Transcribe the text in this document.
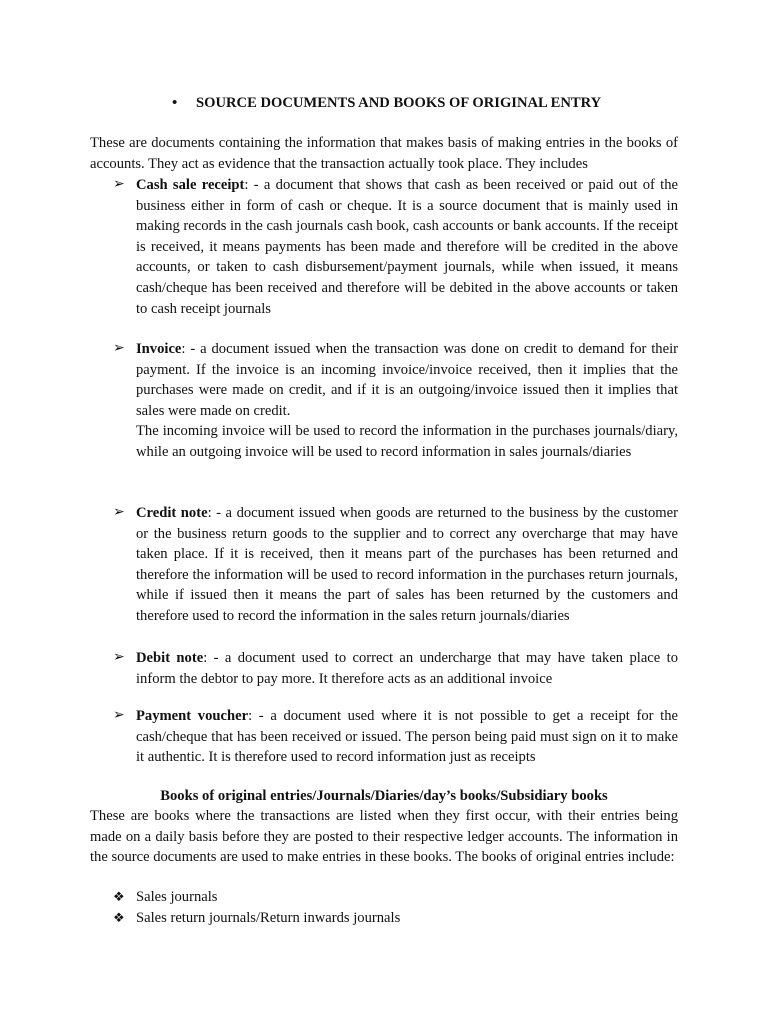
• SOURCE DOCUMENTS AND BOOKS OF ORIGINAL ENTRY

These are documents containing the information that makes basis of making entries in the books of accounts. They act as evidence that the transaction actually took place. They includes

➢ Cash sale receipt: - a document that shows that cash as been received or paid out of the business either in form of cash or cheque. It is a source document that is mainly used in making records in the cash journals cash book, cash accounts or bank accounts. If the receipt is received, it means payments has been made and therefore will be credited in the above accounts, or taken to cash disbursement/payment journals, while when issued, it means cash/cheque has been received and therefore will be debited in the above accounts or taken to cash receipt journals

➢ Invoice: - a document issued when the transaction was done on credit to demand for their payment. If the invoice is an incoming invoice/invoice received, then it implies that the purchases were made on credit, and if it is an outgoing/invoice issued then it implies that sales were made on credit.

The incoming invoice will be used to record the information in the purchases journals/diary, while an outgoing invoice will be used to record information in sales journals/diaries

➢ Credit note: - a document issued when goods are returned to the business by the customer or the business return goods to the supplier and to correct any overcharge that may have taken place. If it is received, then it means part of the purchases has been returned and therefore the information will be used to record information in the purchases return journals, while if issued then it means the part of sales has been returned by the customers and therefore used to record the information in the sales return journals/diaries

➢ Debit note: - a document used to correct an undercharge that may have taken place to inform the debtor to pay more. It therefore acts as an additional invoice

➢ Payment voucher: - a document used where it is not possible to get a receipt for the cash/cheque that has been received or issued. The person being paid must sign on it to make it authentic. It is therefore used to record information just as receipts

Books of original entries/Journals/Diaries/day’s books/Subsidiary books

These are books where the transactions are listed when they first occur, with their entries being made on a daily basis before they are posted to their respective ledger accounts. The information in the source documents are used to make entries in these books. The books of original entries include:

❖ Sales journals
❖ Sales return journals/Return inwards journals
